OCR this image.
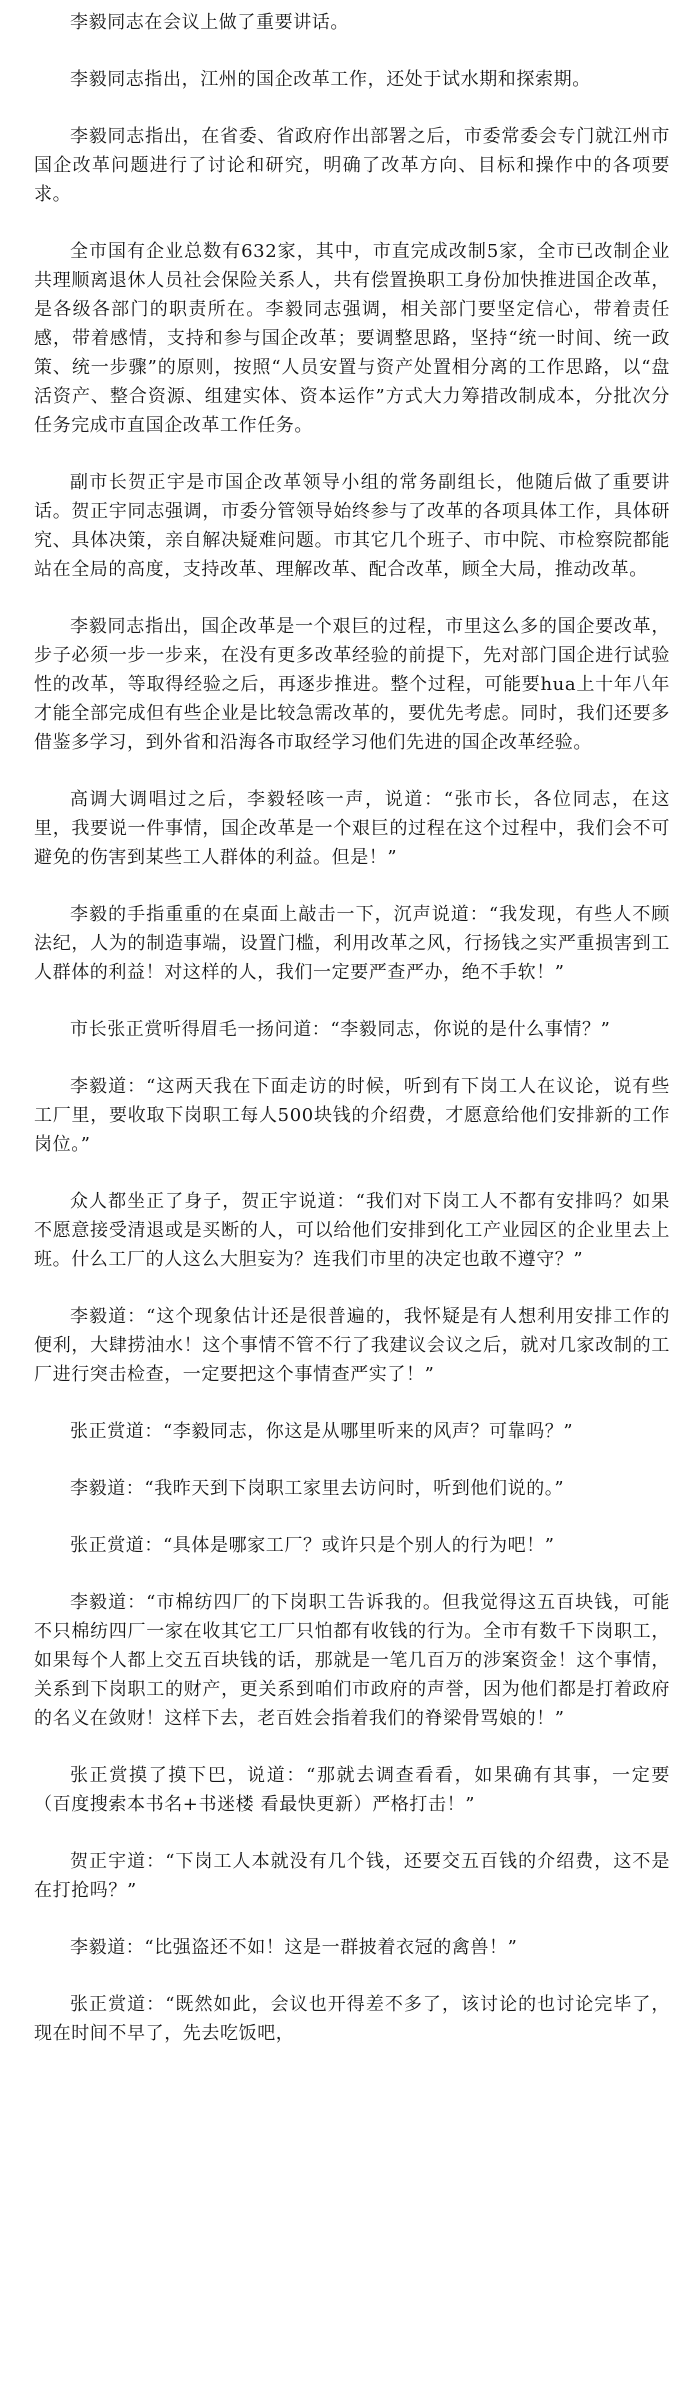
李毅同志在会议上做了重要讲话。

李毅同志指出，江州的国企改革工作，还处于试水期和探索期。

李毅同志指出，在省委、省政府作出部署之后，市委常委会专门就江州市国企改革问题进行了讨论和研究，明确了改革方向、目标和操作中的各项要求。

全市国有企业总数有632家，其中，市直完成改制5家，全市已改制企业共理顺离退休人员社会保险关系人，共有偿置换职工身份加快推进国企改革，是各级各部门的职责所在。李毅同志强调，相关部门要坚定信心，带着责任感，带着感情，支持和参与国企改革；要调整思路，坚持“统一时间、统一政策、统一步骤”的原则，按照“人员安置与资产处置相分离的工作思路，以“盘活资产、整合资源、组建实体、资本运作”方式大力筹措改制成本，分批次分任务完成市直国企改革工作任务。

副市长贺正宇是市国企改革领导小组的常务副组长，他随后做了重要讲话。贺正宇同志强调，市委分管领导始终参与了改革的各项具体工作，具体研究、具体决策，亲自解决疑难问题。市其它几个班子、市中院、市检察院都能站在全局的高度，支持改革、理解改革、配合改革，顾全大局，推动改革。

李毅同志指出，国企改革是一个艰巨的过程，市里这么多的国企要改革，步子必须一步一步来，在没有更多改革经验的前提下，先对部门国企进行试验性的改革，等取得经验之后，再逐步推进。整个过程，可能要hua上十年八年才能全部完成但有些企业是比较急需改革的，要优先考虑。同时，我们还要多借鉴多学习，到外省和沿海各市取经学习他们先进的国企改革经验。

高调大调唱过之后，李毅轻咳一声，说道：“张市长，各位同志，在这里，我要说一件事情，国企改革是一个艰巨的过程在这个过程中，我们会不可避免的伤害到某些工人群体的利益。但是！”

李毅的手指重重的在桌面上敲击一下，沉声说道：“我发现，有些人不顾法纪，人为的制造事端，设置门槛，利用改革之风，行扬钱之实严重损害到工人群体的利益！对这样的人，我们一定要严查严办，绝不手软！”

市长张正赏听得眉毛一扬问道：“李毅同志，你说的是什么事情？”

李毅道：“这两天我在下面走访的时候，听到有下岗工人在议论，说有些工厂里，要收取下岗职工每人500块钱的介绍费，才愿意给他们安排新的工作岗位。”

众人都坐正了身子，贺正宇说道：“我们对下岗工人不都有安排吗？如果不愿意接受清退或是买断的人，可以给他们安排到化工产业园区的企业里去上班。什么工厂的人这么大胆妄为？连我们市里的决定也敢不遵守？”

李毅道：“这个现象估计还是很普遍的，我怀疑是有人想利用安排工作的便利，大肆捞油水！这个事情不管不行了我建议会议之后，就对几家改制的工厂进行突击检查，一定要把这个事情查严实了！”

张正赏道：“李毅同志，你这是从哪里听来的风声？可靠吗？”

李毅道：“我昨天到下岗职工家里去访问时，听到他们说的。”

张正赏道：“具体是哪家工厂？或许只是个别人的行为吧！”

李毅道：“市棉纺四厂的下岗职工告诉我的。但我觉得这五百块钱，可能不只棉纺四厂一家在收其它工厂只怕都有收钱的行为。全市有数千下岗职工，如果每个人都上交五百块钱的话，那就是一笔几百万的涉案资金！这个事情，关系到下岗职工的财产，更关系到咱们市政府的声誉，因为他们都是打着政府的名义在敛财！这样下去，老百姓会指着我们的脊梁骨骂娘的！”

张正赏摸了摸下巴，说道：“那就去调查看看，如果确有其事，一定要（百度搜索本书名+书迷楼 看最快更新）严格打击！”

贺正宇道：“下岗工人本就没有几个钱，还要交五百钱的介绍费，这不是在打抢吗？”

李毅道：“比强盗还不如！这是一群披着衣冠的禽兽！”

张正赏道：“既然如此，会议也开得差不多了，该讨论的也讨论完毕了，现在时间不早了，先去吃饭吧，
